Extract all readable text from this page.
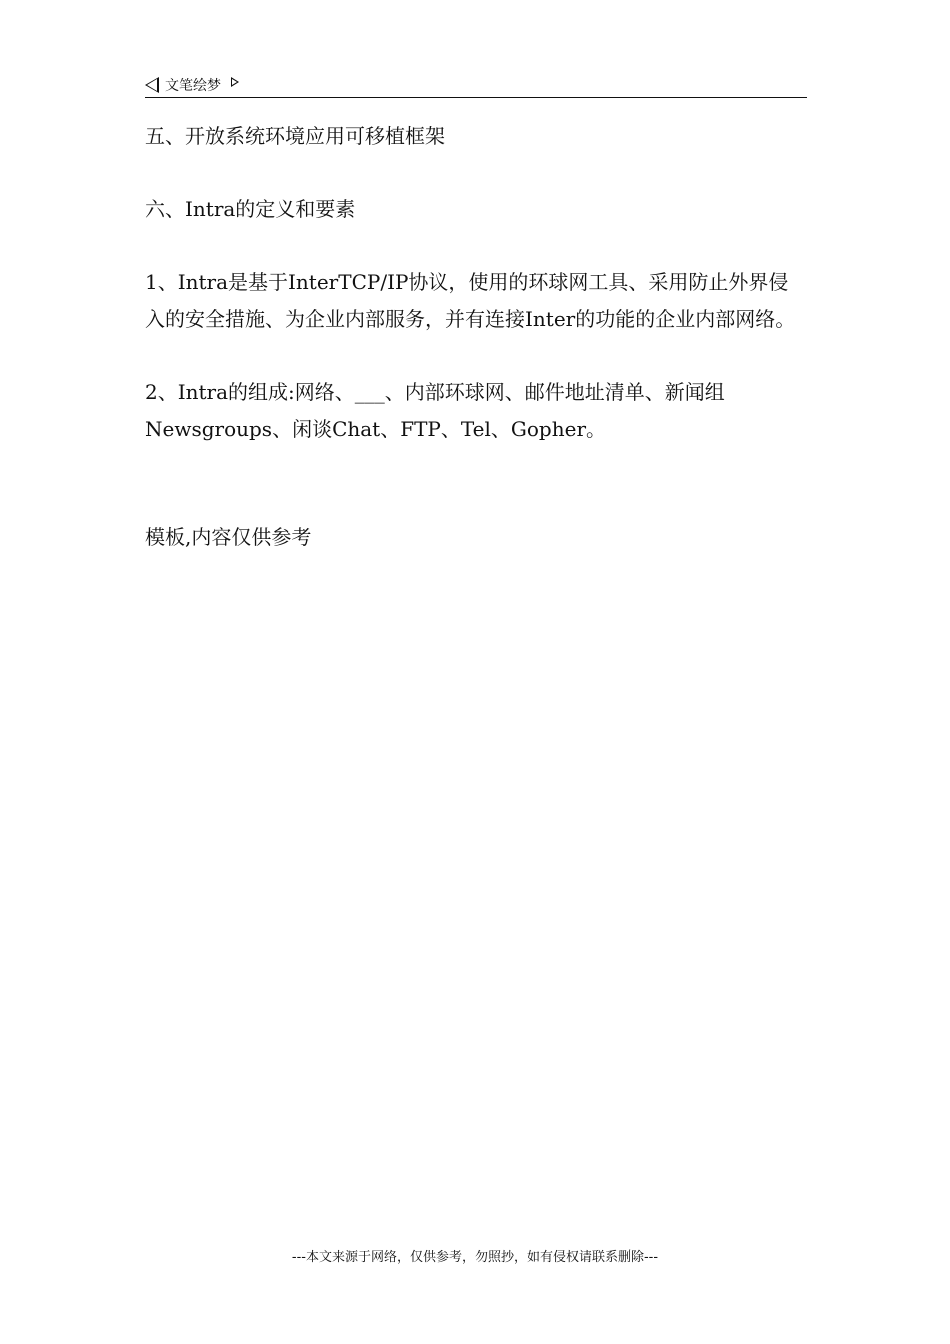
文笔绘梦

五、开放系统环境应用可移植框架

六、Intra的定义和要素

1、Intra是基于InterTCP/IP协议，使用的环球网工具、采用防止外界侵入的安全措施、为企业内部服务，并有连接Inter的功能的企业内部网络。

2、Intra的组成:网络、___、内部环球网、邮件地址清单、新闻组Newsgroups、闲谈Chat、FTP、Tel、Gopher。

模板,内容仅供参考

---本文来源于网络，仅供参考，勿照抄，如有侵权请联系删除---
